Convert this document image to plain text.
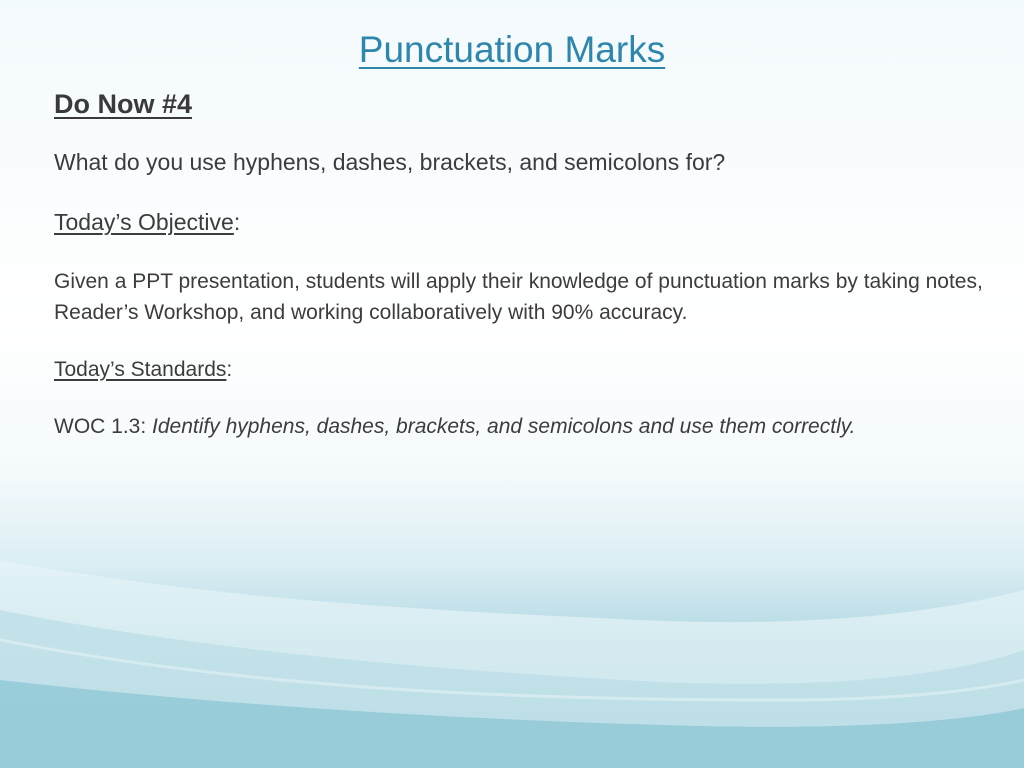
Punctuation Marks

Do Now #4

What do you use hyphens, dashes, brackets, and semicolons for?

Today’s Objective:

Given a PPT presentation, students will apply their knowledge of punctuation marks by taking notes, Reader’s Workshop, and working collaboratively with 90% accuracy.

Today’s Standards:

WOC 1.3: Identify hyphens, dashes, brackets, and semicolons and use them correctly.
